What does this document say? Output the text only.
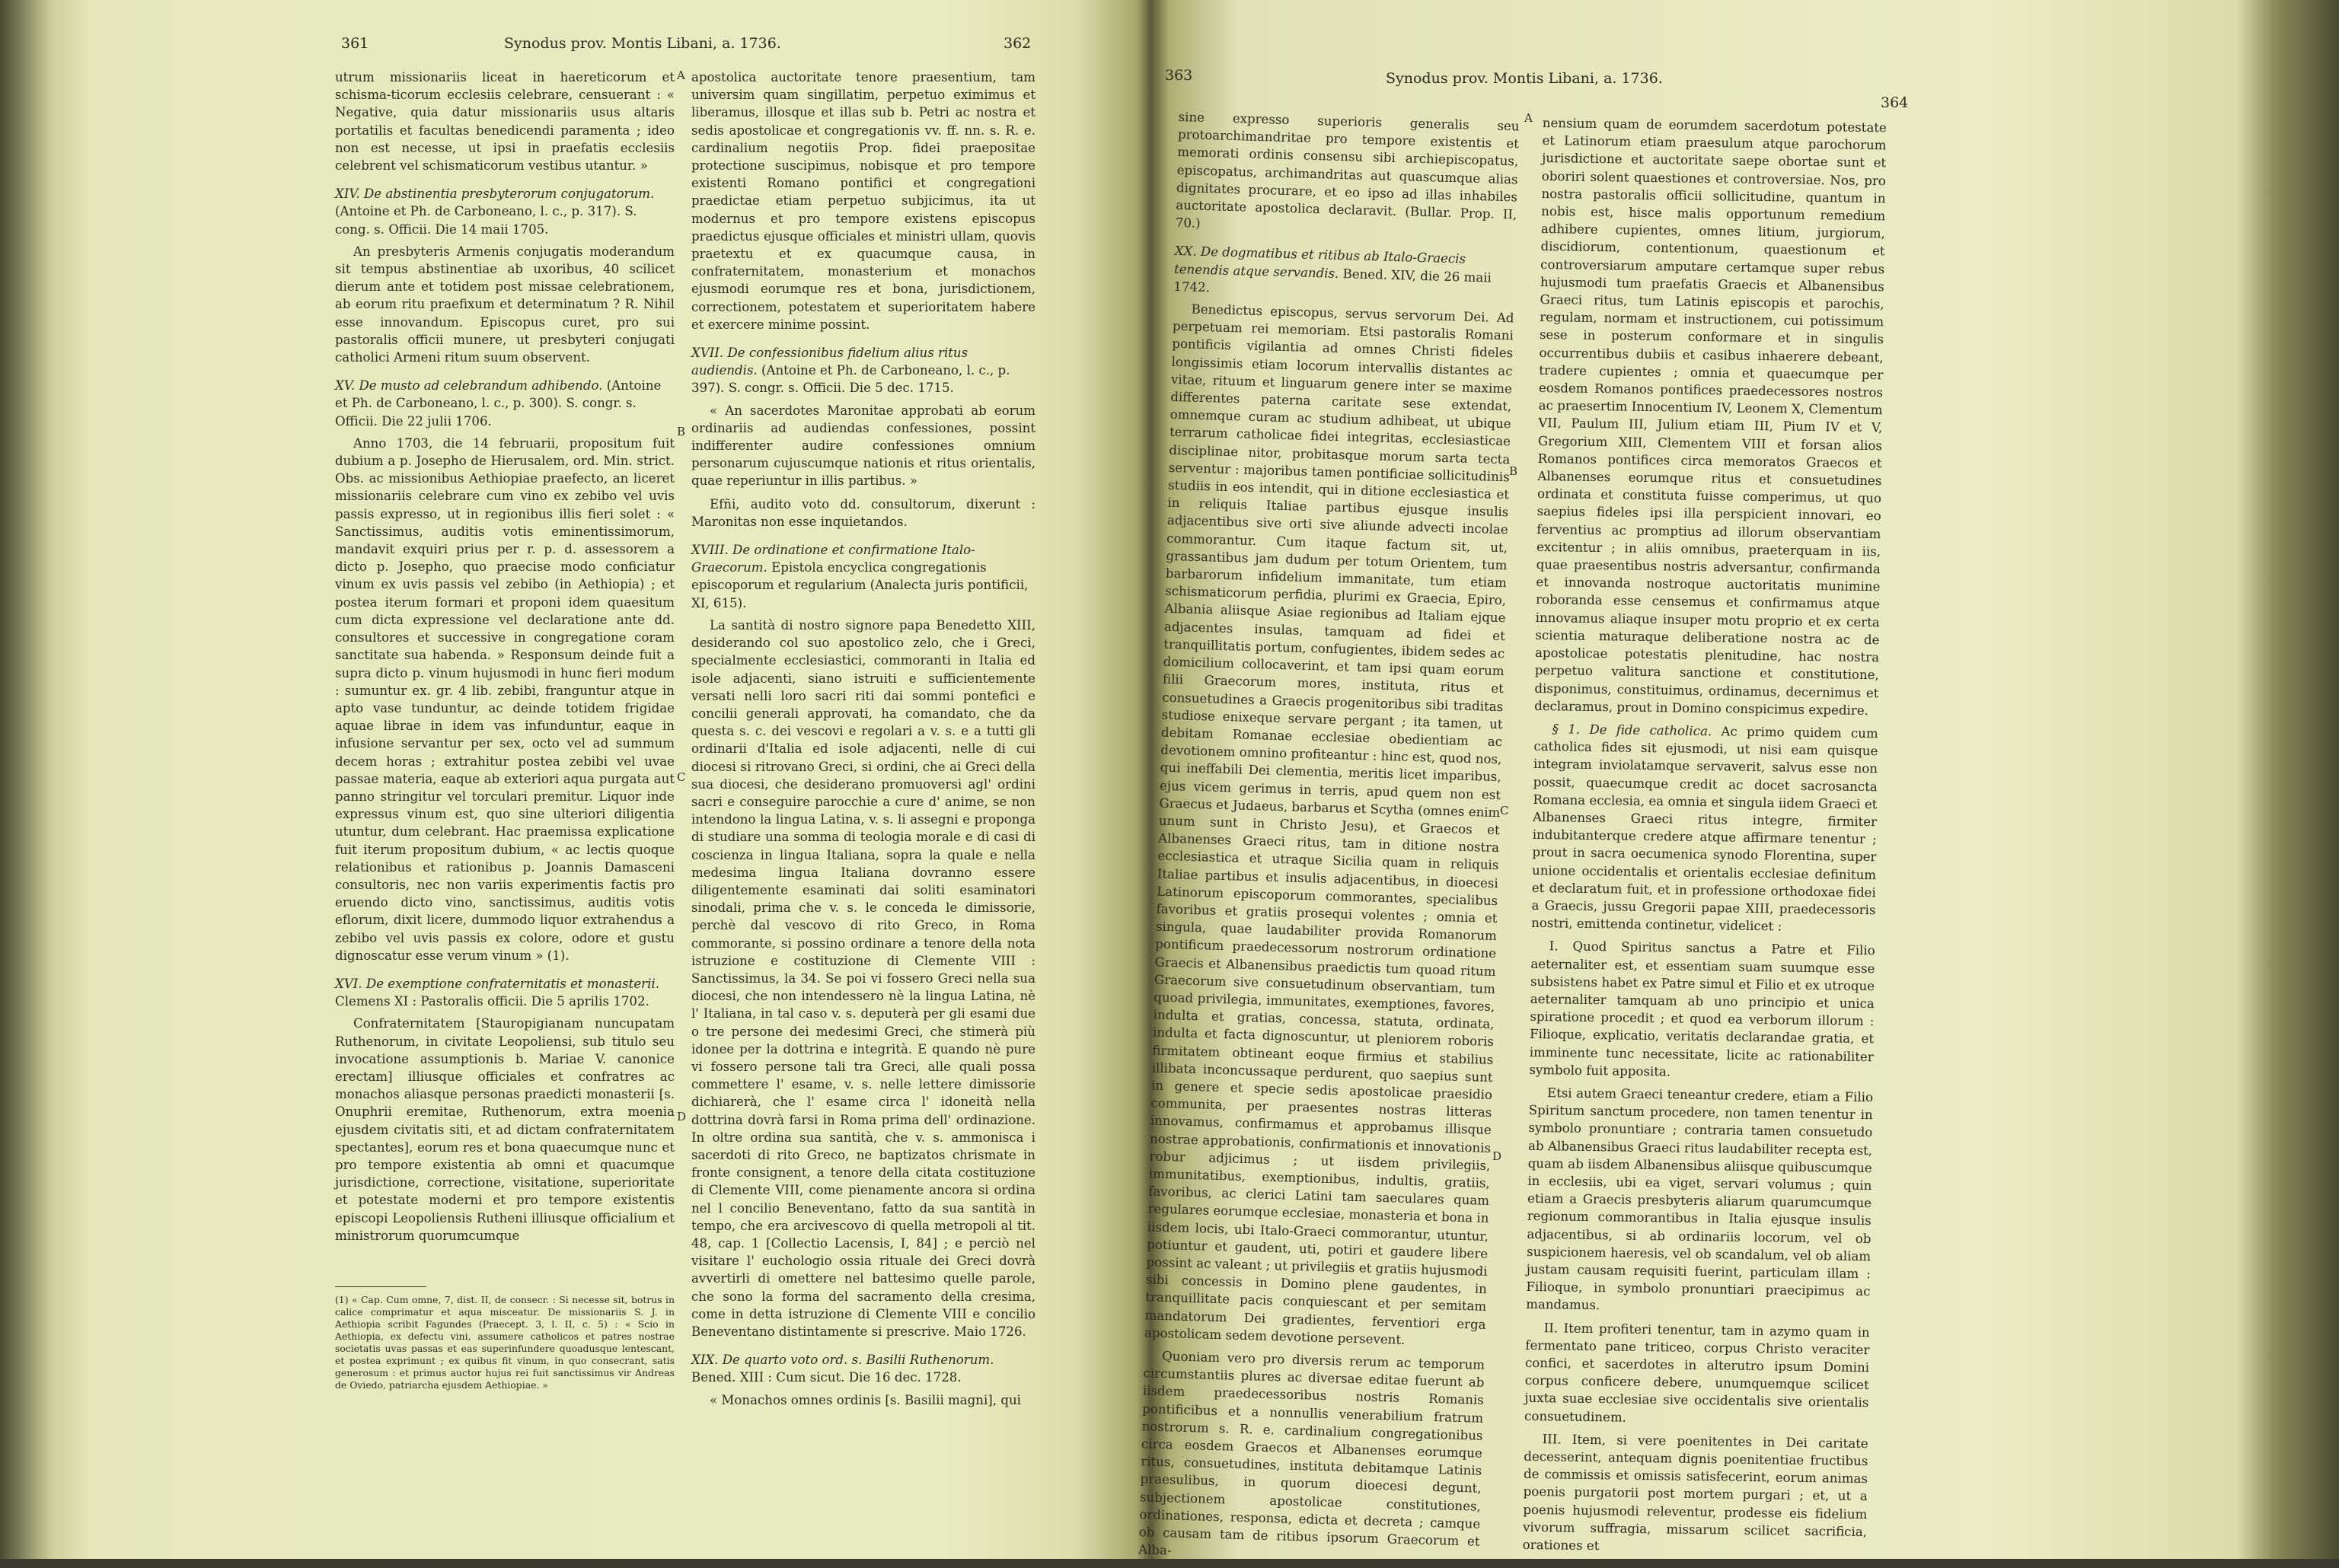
361	Synodus prov. Montis Libani, a. 1736.	362
A
B
C
D

utrum missionariis liceat in haereticorum et schisma-ticorum ecclesiis celebrare, censuerant : « Negative, quia datur missionariis usus altaris portatilis et facultas benedicendi paramenta ; ideo non est necesse, ut ipsi in praefatis ecclesiis celebrent vel schismaticorum vestibus utantur. »

XIV. De abstinentia presbyterorum conjugatorum. (Antoine et Ph. de Carboneano, l. c., p. 317). S. cong. s. Officii. Die 14 maii 1705.

An presbyteris Armenis conjugatis moderandum sit tempus abstinentiae ab uxoribus, 40 scilicet dierum ante et totidem post missae celebrationem, ab eorum ritu praefixum et determinatum ? R. Nihil esse innovandum. Episcopus curet, pro sui pastoralis officii munere, ut presbyteri conjugati catholici Armeni ritum suum observent.

XV. De musto ad celebrandum adhibendo. (Antoine et Ph. de Carboneano, l. c., p. 300). S. congr. s. Officii. Die 22 julii 1706.

Anno 1703, die 14 februarii, propositum fuit dubium a p. Josepho de Hierusalem, ord. Min. strict. Obs. ac missionibus Aethiopiae praefecto, an liceret missionariis celebrare cum vino ex zebibo vel uvis passis expresso, ut in regionibus illis fieri solet : « Sanctissimus, auditis votis eminentissimorum, mandavit exquiri prius per r. p. d. assessorem a dicto p. Josepho, quo praecise modo conficiatur vinum ex uvis passis vel zebibo (in Aethiopia) ; et postea iterum formari et proponi idem quaesitum cum dicta expressione vel declaratione ante dd. consultores et successive in congregatione coram sanctitate sua habenda. » Responsum deinde fuit a supra dicto p. vinum hujusmodi in hunc fieri modum : sumuntur ex. gr. 4 lib. zebibi, franguntur atque in apto vase tunduntur, ac deinde totidem frigidae aquae librae in idem vas infunduntur, eaque in infusione servantur per sex, octo vel ad summum decem horas ; extrahitur postea zebibi vel uvae passae materia, eaque ab exteriori aqua purgata aut panno stringitur vel torculari premitur. Liquor inde expressus vinum est, quo sine ulteriori diligentia utuntur, dum celebrant. Hac praemissa explicatione fuit iterum propositum dubium, « ac lectis quoque relationibus et rationibus p. Joannis Damasceni consultoris, nec non variis experimentis factis pro eruendo dicto vino, sanctissimus, auditis votis eflorum, dixit licere, dummodo liquor extrahendus a zebibo vel uvis passis ex colore, odore et gustu dignoscatur esse verum vinum » (1).

XVI. De exemptione confraternitatis et monasterii. Clemens XI : Pastoralis officii. Die 5 aprilis 1702.

Confraternitatem [Stauropigianam nuncupatam Ruthenorum, in civitate Leopoliensi, sub titulo seu invocatione assumptionis b. Mariae V. canonice erectam] illiusque officiales et confratres ac monachos aliasque personas praedicti monasterii [s. Onuphrii eremitae, Ruthenorum, extra moenia ejusdem civitatis siti, et ad dictam confraternitatem spectantes], eorum res et bona quaecumque nunc et pro tempore existentia ab omni et quacumque jurisdictione, correctione, visitatione, superioritate et potestate moderni et pro tempore existentis episcopi Leopoliensis Rutheni illiusque officialium et ministrorum quorumcumque

(1) « Cap. Cum omne, 7, dist. II, de consecr. : Si necesse sit, botrus in calice comprimatur et aqua misceatur. De missionariis S. J. in Aethiopia scribit Fagundes (Praecept. 3, l. II, c. 5) : « Scio in Aethiopia, ex defectu vini, assumere catholicos et patres nostrae societatis uvas passas et eas superinfundere quoadusque lentescant, et postea exprimunt ; ex quibus fit vinum, in quo consecrant, satis generosum : et primus auctor hujus rei fuit sanctissimus vir Andreas de Oviedo, patriarcha ejusdem Aethiopiae. »

apostolica auctoritate tenore praesentium, tam universim quam singillatim, perpetuo eximimus et liberamus, illosque et illas sub b. Petri ac nostra et sedis apostolicae et congregationis vv. ff. nn. s. R. e. cardinalium negotiis Prop. fidei praepositae protectione suscipimus, nobisque et pro tempore existenti Romano pontifici et congregationi praedictae etiam perpetuo subjicimus, ita ut modernus et pro tempore existens episcopus praedictus ejusque officiales et ministri ullam, quovis praetextu et ex quacumque causa, in confraternitatem, monasterium et monachos ejusmodi eorumque res et bona, jurisdictionem, correctionem, potestatem et superioritatem habere et exercere minime possint.

XVII. De confessionibus fidelium alius ritus audiendis. (Antoine et Ph. de Carboneano, l. c., p. 397). S. congr. s. Officii. Die 5 dec. 1715.

« An sacerdotes Maronitae approbati ab eorum ordinariis ad audiendas confessiones, possint indifferenter audire confessiones omnium personarum cujuscumque nationis et ritus orientalis, quae reperiuntur in illis partibus. »

Efñi, audito voto dd. consultorum, dixerunt : Maronitas non esse inquietandos.

XVIII. De ordinatione et confirmatione Italo-Graecorum. Epistola encyclica congregationis episcoporum et regularium (Analecta juris pontificii, XI, 615).

La santità di nostro signore papa Benedetto XIII, desiderando col suo apostolico zelo, che i Greci, specialmente ecclesiastici, commoranti in Italia ed isole adjacenti, siano istruiti e sufficientemente versati nelli loro sacri riti dai sommi pontefici e concilii generali approvati, ha comandato, che da questa s. c. dei vescovi e regolari a v. s. e a tutti gli ordinarii d'Italia ed isole adjacenti, nelle di cui diocesi si ritrovano Greci, si ordini, che ai Greci della sua diocesi, che desiderano promuoversi agl' ordini sacri e conseguire parocchie a cure d' anime, se non intendono la lingua Latina, v. s. li assegni e proponga di studiare una somma di teologia morale e di casi di coscienza in lingua Italiana, sopra la quale e nella medesima lingua Italiana dovranno essere diligentemente esaminati dai soliti esaminatori sinodali, prima che v. s. le conceda le dimissorie, perchè dal vescovo di rito Greco, in Roma commorante, si possino ordinare a tenore della nota istruzione e costituzione di Clemente VIII : Sanctissimus, la 34. Se poi vi fossero Greci nella sua diocesi, che non intendessero nè la lingua Latina, nè l' Italiana, in tal caso v. s. deputerà per gli esami due o tre persone dei medesimi Greci, che stimerà più idonee per la dottrina e integrità. E quando nè pure vi fossero persone tali tra Greci, alle quali possa commettere l' esame, v. s. nelle lettere dimissorie dichiarerà, che l' esame circa l' idoneità nella dottrina dovrà farsi in Roma prima dell' ordinazione. In oltre ordina sua santità, che v. s. ammonisca i sacerdoti di rito Greco, ne baptizatos chrismate in fronte consignent, a tenore della citata costituzione di Clemente VIII, come pienamente ancora si ordina nel l concilio Beneventano, fatto da sua santità in tempo, che era arcivescovo di quella metropoli al tit. 48, cap. 1 [Collectio Lacensis, I, 84] ; e perciò nel visitare l' euchologio ossia rituale dei Greci dovrà avvertirli di omettere nel battesimo quelle parole, che sono la forma del sacramento della cresima, come in detta istruzione di Clemente VIII e concilio Beneventano distintamente si prescrive. Maio 1726.

XIX. De quarto voto ord. s. Basilii Ruthenorum. Bened. XIII : Cum sicut. Die 16 dec. 1728.

« Monachos omnes ordinis [s. Basilii magni], qui

363	Synodus prov. Montis Libani, a. 1736.
364
A
B
C
D

sine expresso superioris generalis seu protoarchimandritae pro tempore existentis et memorati ordinis consensu sibi archiepiscopatus, episcopatus, archimandritas aut quascumque alias dignitates procurare, et eo ipso ad illas inhabiles auctoritate apostolica declaravit. (Bullar. Prop. II, 70.)

XX. De dogmatibus et ritibus ab Italo-Graecis tenendis atque servandis. Bened. XIV, die 26 maii 1742.

Benedictus episcopus, servus servorum Dei. Ad perpetuam rei memoriam. Etsi pastoralis Romani pontificis vigilantia ad omnes Christi fideles longissimis etiam locorum intervallis distantes ac vitae, rituum et linguarum genere inter se maxime differentes paterna caritate sese extendat, omnemque curam ac studium adhibeat, ut ubique terrarum catholicae fidei integritas, ecclesiasticae disciplinae nitor, probitasque morum sarta tecta serventur : majoribus tamen pontificiae sollicitudinis studiis in eos intendit, qui in ditione ecclesiastica et in reliquis Italiae partibus ejusque insulis adjacentibus sive orti sive aliunde advecti incolae commorantur. Cum itaque factum sit, ut, grassantibus jam dudum per totum Orientem, tum barbarorum infidelium immanitate, tum etiam schismaticorum perfidia, plurimi ex Graecia, Epiro, Albania aliisque Asiae regionibus ad Italiam ejque adjacentes insulas, tamquam ad fidei et tranquillitatis portum, confugientes, ibidem sedes ac domicilium collocaverint, et tam ipsi quam eorum filii Graecorum mores, instituta, ritus et consuetudines a Graecis progenitoribus sibi traditas studiose enixeque servare pergant ; ita tamen, ut debitam Romanae ecclesiae obedientiam ac devotionem omnino profiteantur : hinc est, quod nos, qui ineffabili Dei clementia, meritis licet imparibus, ejus vicem gerimus in terris, apud quem non est Graecus et Judaeus, barbarus et Scytha (omnes enim unum sunt in Christo Jesu), et Graecos et Albanenses Graeci ritus, tam in ditione nostra ecclesiastica et utraque Sicilia quam in reliquis Italiae partibus et insulis adjacentibus, in dioecesi Latinorum episcoporum commorantes, specialibus favoribus et gratiis prosequi volentes ; omnia et singula, quae laudabiliter provida Romanorum pontificum praedecessorum nostrorum ordinatione Graecis et Albanensibus praedictis tum quoad ritum Graecorum sive consuetudinum observantiam, tum quoad privilegia, immunitates, exemptiones, favores, indulta et gratias, concessa, statuta, ordinata, indulta et facta dignoscuntur, ut pleniorem roboris firmitatem obtineant eoque firmius et stabilius illibata inconcussaque perdurent, quo saepius sunt in genere et specie sedis apostolicae praesidio communita, per praesentes nostras litteras innovamus, confirmamus et approbamus illisque nostrae approbationis, confirmationis et innovationis robur adjicimus ; ut iisdem privilegiis, immunitatibus, exemptionibus, indultis, gratiis, favoribus, ac clerici Latini tam saeculares quam regulares eorumque ecclesiae, monasteria et bona in iisdem locis, ubi Italo-Graeci commorantur, utuntur, potiuntur et gaudent, uti, potiri et gaudere libere possint ac valeant ; ut privilegiis et gratiis hujusmodi sibi concessis in Domino plene gaudentes, in tranquillitate pacis conquiescant et per semitam mandatorum Dei gradientes, ferventiori erga apostolicam sedem devotione persevent.

Quoniam vero pro diversis rerum ac temporum circumstantiis plures ac diversae editae fuerunt ab iisdem praedecessoribus nostris Romanis pontificibus et a nonnullis venerabilium fratrum nostrorum s. R. e. cardinalium congregationibus circa eosdem Graecos et Albanenses eorumque ritus, consuetudines, instituta debitamque Latinis praesulibus, in quorum dioecesi degunt, subjectionem apostolicae constitutiones, ordinationes, responsa, edicta et decreta ; camque ob causam tam de ritibus ipsorum Graecorum et Alba-

nensium quam de eorumdem sacerdotum potestate et Latinorum etiam praesulum atque parochorum jurisdictione et auctoritate saepe obortae sunt et oboriri solent quaestiones et controversiae. Nos, pro nostra pastoralis officii sollicitudine, quantum in nobis est, hisce malis opportunum remedium adhibere cupientes, omnes litium, jurgiorum, discidiorum, contentionum, quaestionum et controversiarum amputare certamque super rebus hujusmodi tum praefatis Graecis et Albanensibus Graeci ritus, tum Latinis episcopis et parochis, regulam, normam et instructionem, cui potissimum sese in posterum conformare et in singulis occurrentibus dubiis et casibus inhaerere debeant, tradere cupientes ; omnia et quaecumque per eosdem Romanos pontifices praedecessores nostros ac praesertim Innocentium IV, Leonem X, Clementum VII, Paulum III, Julium etiam III, Pium IV et V, Gregorium XIII, Clementem VIII et forsan alios Romanos pontifices circa memoratos Graecos et Albanenses eorumque ritus et consuetudines ordinata et constituta fuisse comperimus, ut quo saepius fideles ipsi illa perspicient innovari, eo ferventius ac promptius ad illorum observantiam excitentur ; in aliis omnibus, praeterquam in iis, quae praesentibus nostris adversantur, confirmanda et innovanda nostroque auctoritatis munimine roboranda esse censemus et confirmamus atque innovamus aliaque insuper motu proprio et ex certa scientia maturaque deliberatione nostra ac de apostolicae potestatis plenitudine, hac nostra perpetuo valitura sanctione et constitutione, disponimus, constituimus, ordinamus, decernimus et declaramus, prout in Domino conspicimus expedire.

§ 1. De fide catholica. Ac primo quidem cum catholica fides sit ejusmodi, ut nisi eam quisque integram inviolatamque servaverit, salvus esse non possit, quaecumque credit ac docet sacrosancta Romana ecclesia, ea omnia et singula iidem Graeci et Albanenses Graeci ritus integre, firmiter indubitanterque credere atque affirmare tenentur ; prout in sacra oecumenica synodo Florentina, super unione occidentalis et orientalis ecclesiae definitum et declaratum fuit, et in professione orthodoxae fidei a Graecis, jussu Gregorii papae XIII, praedecessoris nostri, emittenda continetur, videlicet :

I. Quod Spiritus sanctus a Patre et Filio aeternaliter est, et essentiam suam suumque esse subsistens habet ex Patre simul et Filio et ex utroque aeternaliter tamquam ab uno principio et unica spiratione procedit ; et quod ea verborum illorum : Filioque, explicatio, veritatis declarandae gratia, et imminente tunc necessitate, licite ac rationabiliter symbolo fuit apposita.

Etsi autem Graeci teneantur credere, etiam a Filio Spiritum sanctum procedere, non tamen tenentur in symbolo pronuntiare ; contraria tamen consuetudo ab Albanensibus Graeci ritus laudabiliter recepta est, quam ab iisdem Albanensibus aliisque quibuscumque in ecclesiis, ubi ea viget, servari volumus ; quin etiam a Graecis presbyteris aliarum quarumcumque regionum commorantibus in Italia ejusque insulis adjacentibus, si ab ordinariis locorum, vel ob suspicionem haeresis, vel ob scandalum, vel ob aliam justam causam requisiti fuerint, particulam illam : Filioque, in symbolo pronuntiari praecipimus ac mandamus.

II. Item profiteri tenentur, tam in azymo quam in fermentato pane triticeo, corpus Christo veraciter confici, et sacerdotes in alterutro ipsum Domini corpus conficere debere, unumquemque scilicet juxta suae ecclesiae sive occidentalis sive orientalis consuetudinem.

III. Item, si vere poenitentes in Dei caritate decesserint, antequam dignis poenitentiae fructibus de commissis et omissis satisfecerint, eorum animas poenis purgatorii post mortem purgari ; et, ut a poenis hujusmodi releventur, prodesse eis fidelium vivorum suffragia, missarum scilicet sacrificia, orationes et
